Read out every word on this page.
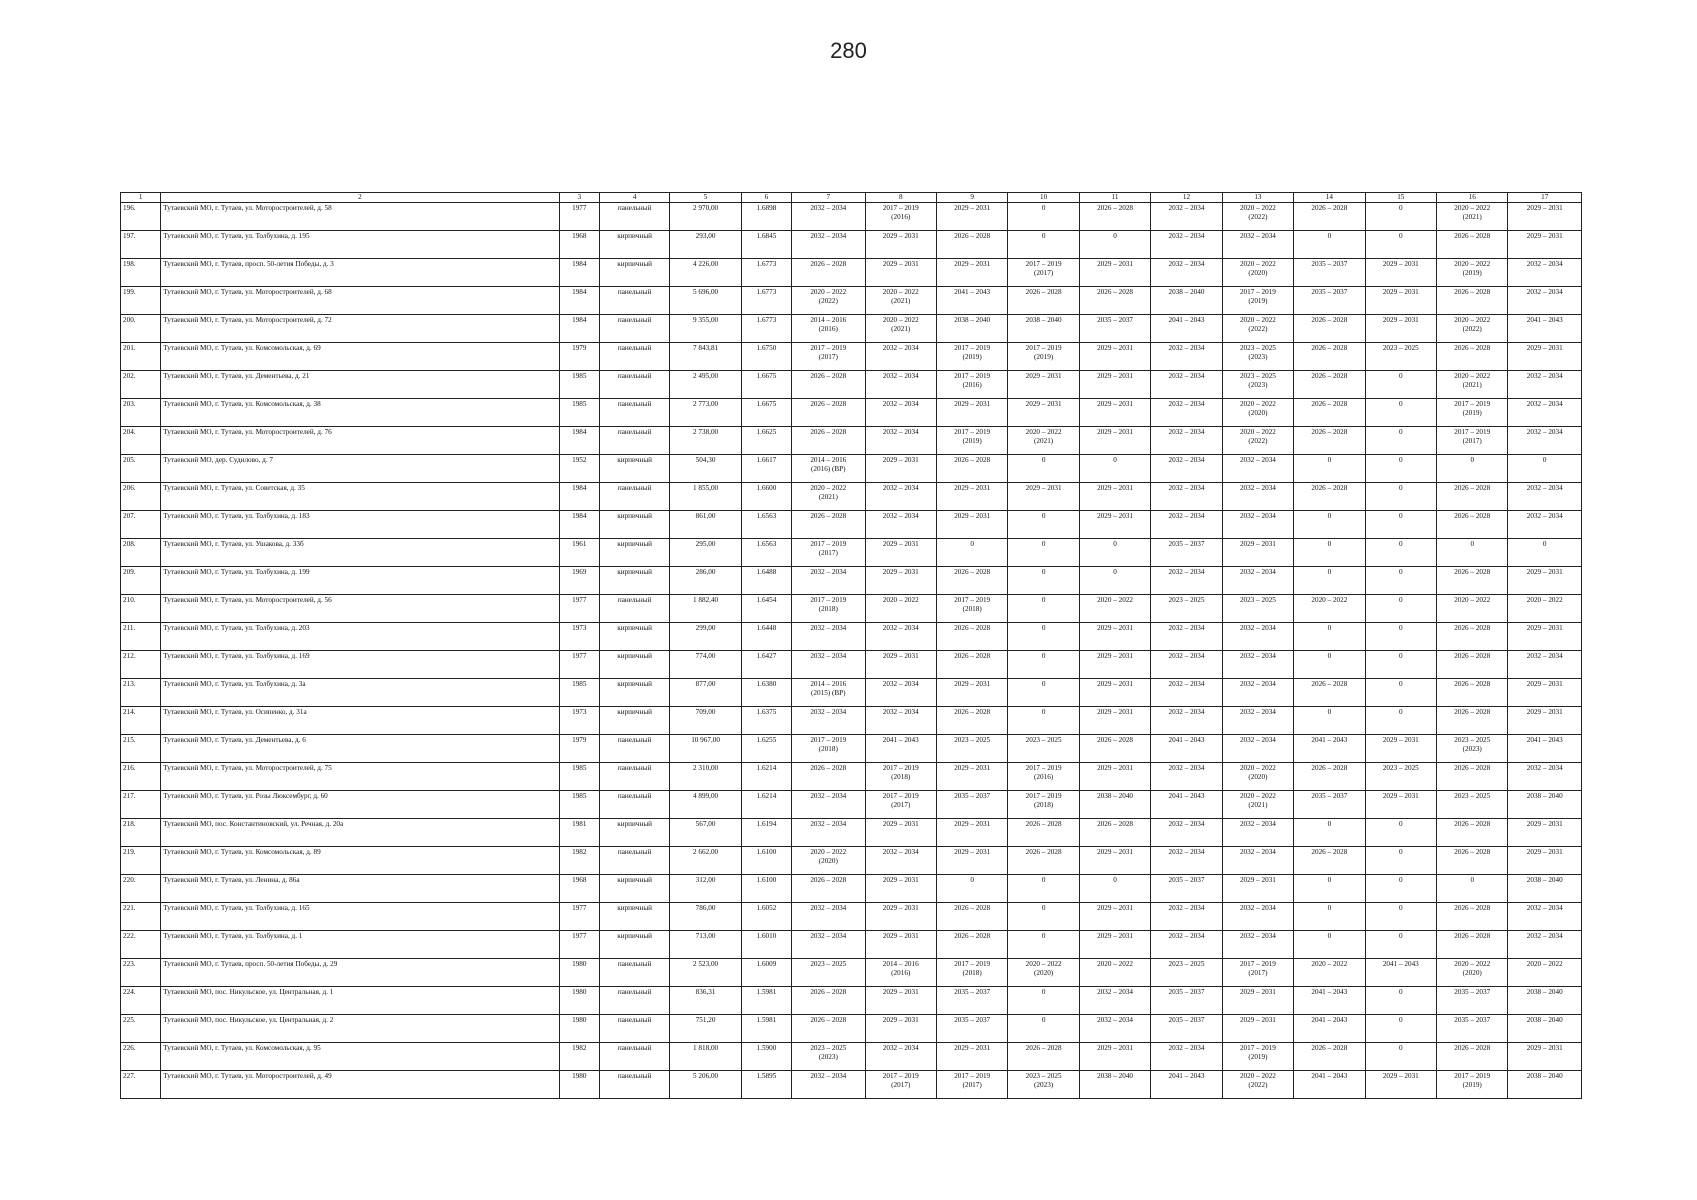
280
1	2	3	4	5	6	7	8	9	10	11	12	13	14	15	16	17

196.	Тутаевский МО, г. Тутаев, ул. Моторостроителей, д. 58	1977	панельный	2 970,00	1.6898	2032 – 2034	2017 – 2019
(2016)	2029 – 2031	0	2026 – 2028	2032 – 2034	2020 – 2022
(2022)	2026 – 2028	0	2020 – 2022
(2021)	2029 – 2031

197.	Тутаевский МО, г. Тутаев, ул. Толбухина, д. 195	1968	кирпичный	293,00	1.6845	2032 – 2034	2029 – 2031	2026 – 2028	0	0	2032 – 2034	2032 – 2034	0	0	2026 – 2028	2029 – 2031

198.	Тутаевский МО, г. Тутаев, просп. 50-летия Победы, д. 3	1984	кирпичный	4 226,00	1.6773	2026 – 2028	2029 – 2031	2029 – 2031	2017 – 2019
(2017)	2029 – 2031	2032 – 2034	2020 – 2022
(2020)	2035 – 2037	2029 – 2031	2020 – 2022
(2019)	2032 – 2034

199.	Тутаевский МО, г. Тутаев, ул. Моторостроителей, д. 68	1984	панельный	5 696,00	1.6773	2020 – 2022
(2022)	2020 – 2022
(2021)	2041 – 2043	2026 – 2028	2026 – 2028	2038 – 2040	2017 – 2019
(2019)	2035 – 2037	2029 – 2031	2026 – 2028	2032 – 2034

200.	Тутаевский МО, г. Тутаев, ул. Моторостроителей, д. 72	1984	панельный	9 355,00	1.6773	2014 – 2016
(2016)	2020 – 2022
(2021)	2038 – 2040	2038 – 2040	2035 – 2037	2041 – 2043	2020 – 2022
(2022)	2026 – 2028	2029 – 2031	2020 – 2022
(2022)	2041 – 2043

201.	Тутаевский МО, г. Тутаев, ул. Комсомольская, д. 69	1979	панельный	7 843,81	1.6750	2017 – 2019
(2017)	2032 – 2034	2017 – 2019
(2019)	2017 – 2019
(2019)	2029 – 2031	2032 – 2034	2023 – 2025
(2023)	2026 – 2028	2023 – 2025	2026 – 2028	2029 – 2031

202.	Тутаевский МО, г. Тутаев, ул. Дементьева, д. 21	1985	панельный	2 495,00	1.6675	2026 – 2028	2032 – 2034	2017 – 2019
(2016)	2029 – 2031	2029 – 2031	2032 – 2034	2023 – 2025
(2023)	2026 – 2028	0	2020 – 2022
(2021)	2032 – 2034

203.	Тутаевский МО, г. Тутаев, ул. Комсомольская, д. 38	1985	панельный	2 773,00	1.6675	2026 – 2028	2032 – 2034	2029 – 2031	2029 – 2031	2029 – 2031	2032 – 2034	2020 – 2022
(2020)	2026 – 2028	0	2017 – 2019
(2019)	2032 – 2034

204.	Тутаевский МО, г. Тутаев, ул. Моторостроителей, д. 76	1984	панельный	2 738,00	1.6625	2026 – 2028	2032 – 2034	2017 – 2019
(2019)	2020 – 2022
(2021)	2029 – 2031	2032 – 2034	2020 – 2022
(2022)	2026 – 2028	0	2017 – 2019
(2017)	2032 – 2034

205.	Тутаевский МО, дер. Судилово, д. 7	1952	кирпичный	504,30	1.6617	2014 – 2016
(2016) (ВР)	2029 – 2031	2026 – 2028	0	0	2032 – 2034	2032 – 2034	0	0	0	0

206.	Тутаевский МО, г. Тутаев, ул. Советская, д. 35	1984	панельный	1 855,00	1.6600	2020 – 2022
(2021)	2032 – 2034	2029 – 2031	2029 – 2031	2029 – 2031	2032 – 2034	2032 – 2034	2026 – 2028	0	2026 – 2028	2032 – 2034

207.	Тутаевский МО, г. Тутаев, ул. Толбухина, д. 183	1984	кирпичный	861,00	1.6563	2026 – 2028	2032 – 2034	2029 – 2031	0	2029 – 2031	2032 – 2034	2032 – 2034	0	0	2026 – 2028	2032 – 2034

208.	Тутаевский МО, г. Тутаев, ул. Ушакова, д. 33б	1961	кирпичный	295,00	1.6563	2017 – 2019
(2017)	2029 – 2031	0	0	0	2035 – 2037	2029 – 2031	0	0	0	0

209.	Тутаевский МО, г. Тутаев, ул. Толбухина, д. 199	1969	кирпичный	286,00	1.6488	2032 – 2034	2029 – 2031	2026 – 2028	0	0	2032 – 2034	2032 – 2034	0	0	2026 – 2028	2029 – 2031

210.	Тутаевский МО, г. Тутаев, ул. Моторостроителей, д. 56	1977	панельный	1 882,40	1.6454	2017 – 2019
(2018)	2020 – 2022	2017 – 2019
(2018)	0	2020 – 2022	2023 – 2025	2023 – 2025	2020 – 2022	0	2020 – 2022	2020 – 2022

211.	Тутаевский МО, г. Тутаев, ул. Толбухина, д. 203	1973	кирпичный	299,00	1.6448	2032 – 2034	2032 – 2034	2026 – 2028	0	2029 – 2031	2032 – 2034	2032 – 2034	0	0	2026 – 2028	2029 – 2031

212.	Тутаевский МО, г. Тутаев, ул. Толбухина, д. 169	1977	кирпичный	774,00	1.6427	2032 – 2034	2029 – 2031	2026 – 2028	0	2029 – 2031	2032 – 2034	2032 – 2034	0	0	2026 – 2028	2032 – 2034

213.	Тутаевский МО, г. Тутаев, ул. Толбухина, д. 3а	1985	кирпичный	877,00	1.6380	2014 – 2016
(2015) (ВР)	2032 – 2034	2029 – 2031	0	2029 – 2031	2032 – 2034	2032 – 2034	2026 – 2028	0	2026 – 2028	2029 – 2031

214.	Тутаевский МО, г. Тутаев, ул. Осипенко, д. 31а	1973	кирпичный	709,00	1.6375	2032 – 2034	2032 – 2034	2026 – 2028	0	2029 – 2031	2032 – 2034	2032 – 2034	0	0	2026 – 2028	2029 – 2031

215.	Тутаевский МО, г. Тутаев, ул. Дементьева, д. 6	1979	панельный	10 967,00	1.6255	2017 – 2019
(2018)	2041 – 2043	2023 – 2025	2023 – 2025	2026 – 2028	2041 – 2043	2032 – 2034	2041 – 2043	2029 – 2031	2023 – 2025
(2023)	2041 – 2043

216.	Тутаевский МО, г. Тутаев, ул. Моторостроителей, д. 75	1985	панельный	2 310,00	1.6214	2026 – 2028	2017 – 2019
(2018)	2029 – 2031	2017 – 2019
(2016)	2029 – 2031	2032 – 2034	2020 – 2022
(2020)	2026 – 2028	2023 – 2025	2026 – 2028	2032 – 2034

217.	Тутаевский МО, г. Тутаев, ул. Розы Люксембург, д. 60	1985	панельный	4 899,00	1.6214	2032 – 2034	2017 – 2019
(2017)	2035 – 2037	2017 – 2019
(2018)	2038 – 2040	2041 – 2043	2020 – 2022
(2021)	2035 – 2037	2029 – 2031	2023 – 2025	2038 – 2040

218.	Тутаевский МО, пос. Константиновский, ул. Речная, д. 20а	1981	кирпичный	567,00	1.6194	2032 – 2034	2029 – 2031	2029 – 2031	2026 – 2028	2026 – 2028	2032 – 2034	2032 – 2034	0	0	2026 – 2028	2029 – 2031

219.	Тутаевский МО, г. Тутаев, ул. Комсомольская, д. 89	1982	панельный	2 662,00	1.6100	2020 – 2022
(2020)	2032 – 2034	2029 – 2031	2026 – 2028	2029 – 2031	2032 – 2034	2032 – 2034	2026 – 2028	0	2026 – 2028	2029 – 2031

220.	Тутаевский МО, г. Тутаев, ул. Ленина, д. 86а	1968	кирпичный	312,00	1.6100	2026 – 2028	2029 – 2031	0	0	0	2035 – 2037	2029 – 2031	0	0	0	2038 – 2040

221.	Тутаевский МО, г. Тутаев, ул. Толбухина, д. 165	1977	кирпичный	786,00	1.6052	2032 – 2034	2029 – 2031	2026 – 2028	0	2029 – 2031	2032 – 2034	2032 – 2034	0	0	2026 – 2028	2032 – 2034

222.	Тутаевский МО, г. Тутаев, ул. Толбухина, д. 1	1977	кирпичный	713,00	1.6010	2032 – 2034	2029 – 2031	2026 – 2028	0	2029 – 2031	2032 – 2034	2032 – 2034	0	0	2026 – 2028	2032 – 2034

223.	Тутаевский МО, г. Тутаев, просп. 50-летия Победы, д. 29	1980	панельный	2 523,00	1.6009	2023 – 2025	2014 – 2016
(2016)	2017 – 2019
(2018)	2020 – 2022
(2020)	2020 – 2022	2023 – 2025	2017 – 2019
(2017)	2020 – 2022	2041 – 2043	2020 – 2022
(2020)	2020 – 2022

224.	Тутаевский МО, пос. Никульское, ул. Центральная, д. 1	1980	панельный	836,31	1.5981	2026 – 2028	2029 – 2031	2035 – 2037	0	2032 – 2034	2035 – 2037	2029 – 2031	2041 – 2043	0	2035 – 2037	2038 – 2040

225.	Тутаевский МО, пос. Никульское, ул. Центральная, д. 2	1980	панельный	751,20	1.5981	2026 – 2028	2029 – 2031	2035 – 2037	0	2032 – 2034	2035 – 2037	2029 – 2031	2041 – 2043	0	2035 – 2037	2038 – 2040

226.	Тутаевский МО, г. Тутаев, ул. Комсомольская, д. 95	1982	панельный	1 818,00	1.5900	2023 – 2025
(2023)	2032 – 2034	2029 – 2031	2026 – 2028	2029 – 2031	2032 – 2034	2017 – 2019
(2019)	2026 – 2028	0	2026 – 2028	2029 – 2031

227.	Тутаевский МО, г. Тутаев, ул. Моторостроителей, д. 49	1980	панельный	5 206,00	1.5895	2032 – 2034	2017 – 2019
(2017)	2017 – 2019
(2017)	2023 – 2025
(2023)	2038 – 2040	2041 – 2043	2020 – 2022
(2022)	2041 – 2043	2029 – 2031	2017 – 2019
(2019)	2038 – 2040
